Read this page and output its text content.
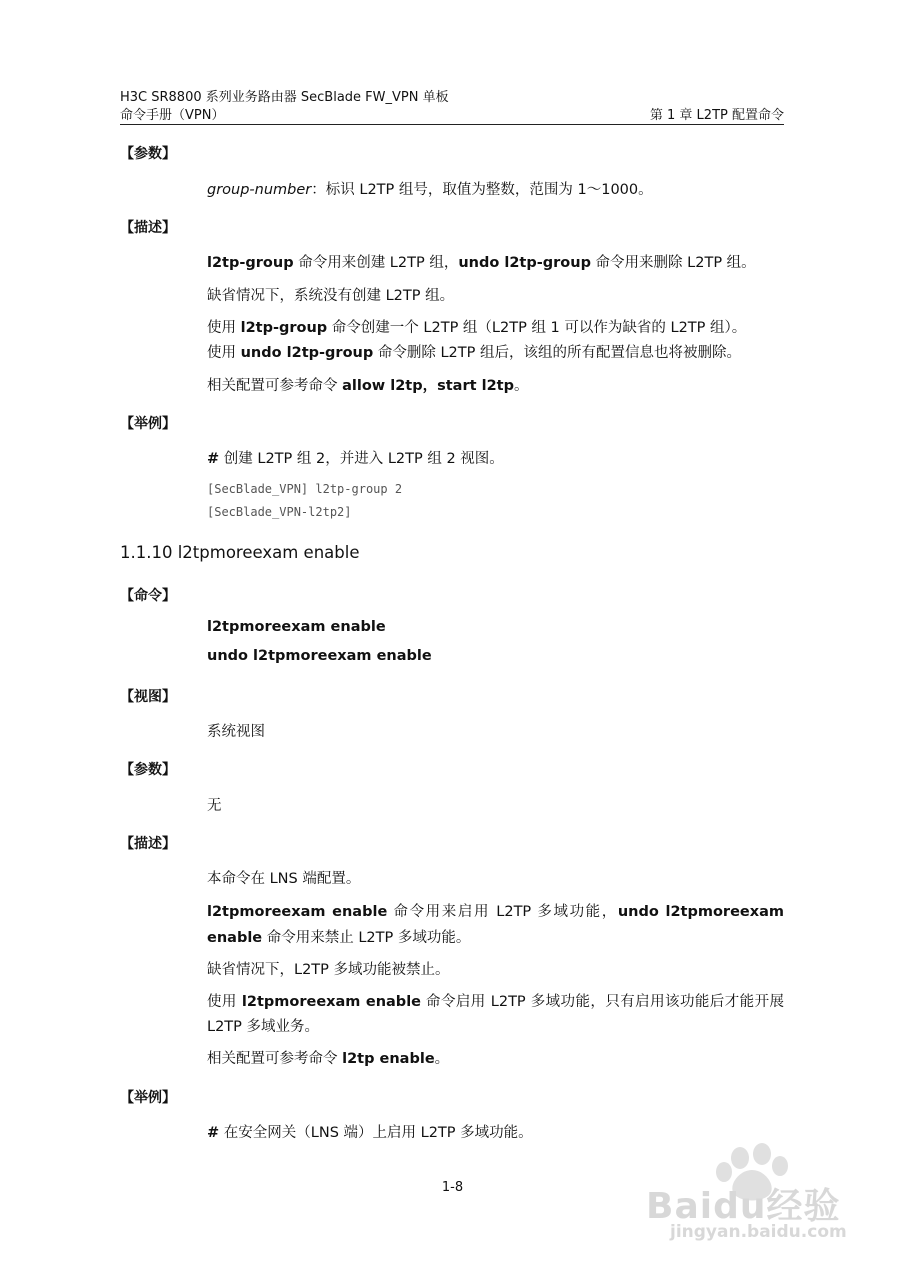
H3C SR8800 系列业务路由器 SecBlade FW_VPN 单板
命令手册（VPN）	第 1 章 L2TP 配置命令
【参数】
group-number：标识 L2TP 组号，取值为整数，范围为 1～1000。
【描述】
l2tp-group 命令用来创建 L2TP 组，undo l2tp-group 命令用来删除 L2TP 组。
缺省情况下，系统没有创建 L2TP 组。
使用 l2tp-group 命令创建一个 L2TP 组（L2TP 组 1 可以作为缺省的 L2TP 组）。
使用 undo l2tp-group 命令删除 L2TP 组后，该组的所有配置信息也将被删除。
相关配置可参考命令 allow l2tp，start l2tp。
【举例】
# 创建 L2TP 组 2，并进入 L2TP 组 2 视图。
[SecBlade_VPN] l2tp-group 2
[SecBlade_VPN-l2tp2]
1.1.10 l2tpmoreexam enable
【命令】
l2tpmoreexam enable
undo l2tpmoreexam enable
【视图】
系统视图
【参数】
无
【描述】
本命令在 LNS 端配置。
l2tpmoreexam enable 命令用来启用 L2TP 多域功能，undo l2tpmoreexam
enable 命令用来禁止 L2TP 多域功能。
缺省情况下，L2TP 多域功能被禁止。
使用 l2tpmoreexam enable 命令启用 L2TP 多域功能，只有启用该功能后才能开展
L2TP 多域业务。
相关配置可参考命令 l2tp enable。
【举例】
# 在安全网关（LNS 端）上启用 L2TP 多域功能。
1-8	Baidu经验
jingyan.baidu.com
